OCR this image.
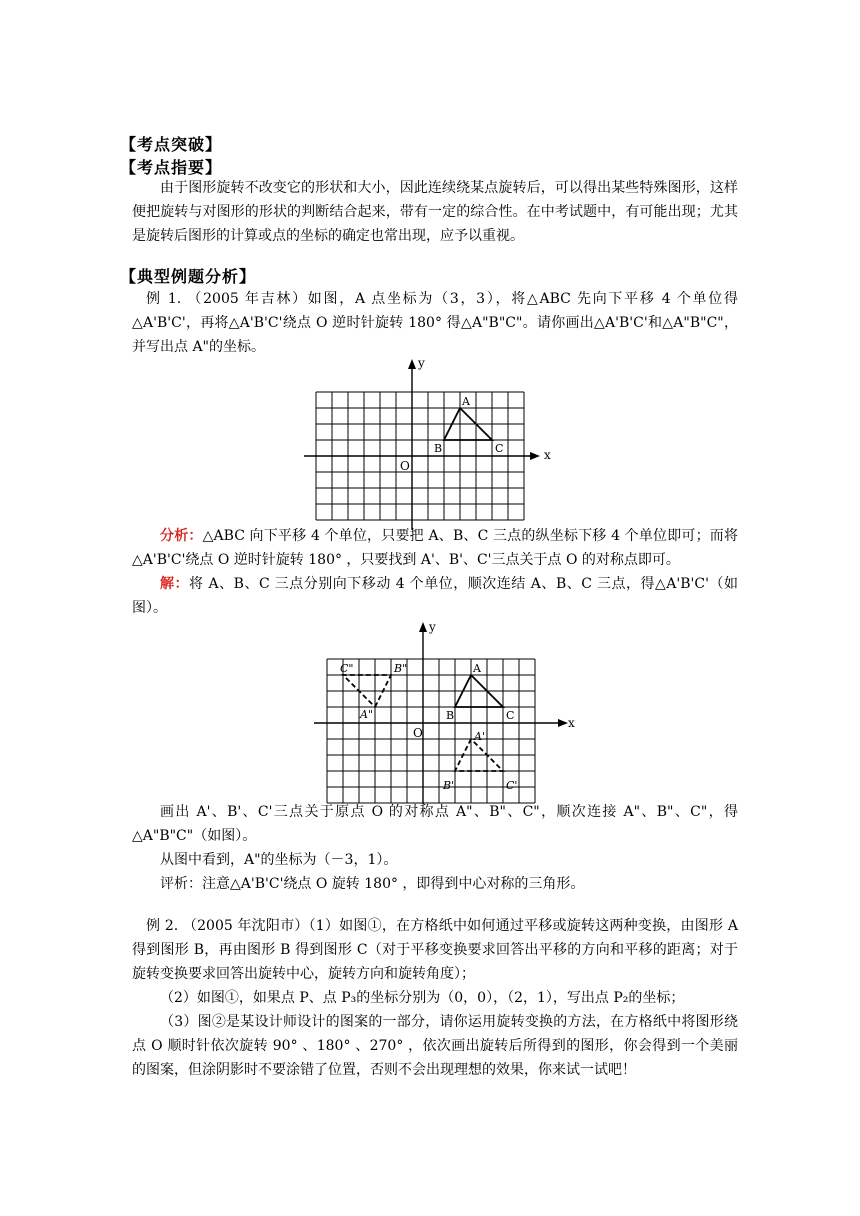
【考点突破】
【考点指要】
由于图形旋转不改变它的形状和大小，因此连续绕某点旋转后，可以得出某些特殊图形，这样便把旋转与对图形的形状的判断结合起来，带有一定的综合性。在中考试题中，有可能出现；尤其是旋转后图形的计算或点的坐标的确定也常出现，应予以重视。
【典型例题分析】
例 1. （2005 年吉林）如图，A 点坐标为（3，3），将△ABC 先向下平移 4 个单位得△A'B'C'，再将△A'B'C'绕点 O 逆时针旋转 180° 得△A"B"C"。请你画出△A'B'C'和△A"B"C"，并写出点 A"的坐标。
x
y
O
A
B	C
分析：△ABC 向下平移 4 个单位，只要把 A、B、C 三点的纵坐标下移 4 个单位即可；而将△A'B'C'绕点 O 逆时针旋转 180° ，只要找到 A'、B'、C'三点关于点 O 的对称点即可。
解：将 A、B、C 三点分别向下移动 4 个单位，顺次连结 A、B、C 三点，得△A'B'C'（如图）。
x
y
O
A
B	C
A'
B'	C'
A"
B"
C"
画出 A'、B'、C'三点关于原点 O 的对称点 A"、B"、C"，顺次连接 A"、B"、C"，得△A"B"C"（如图）。
从图中看到，A"的坐标为（－3，1）。
评析：注意△A'B'C'绕点 O 旋转 180° ，即得到中心对称的三角形。
例 2. （2005 年沈阳市）（1）如图①，在方格纸中如何通过平移或旋转这两种变换，由图形 A 得到图形 B，再由图形 B 得到图形 C（对于平移变换要求回答出平移的方向和平移的距离；对于旋转变换要求回答出旋转中心，旋转方向和旋转角度）；
（2）如图①，如果点 P、点 P₃的坐标分别为（0，0），（2，1），写出点 P₂的坐标；
（3）图②是某设计师设计的图案的一部分，请你运用旋转变换的方法，在方格纸中将图形绕点 O 顺时针依次旋转 90° 、180° 、270° ，依次画出旋转后所得到的图形，你会得到一个美丽的图案，但涂阴影时不要涂错了位置，否则不会出现理想的效果，你来试一试吧！
